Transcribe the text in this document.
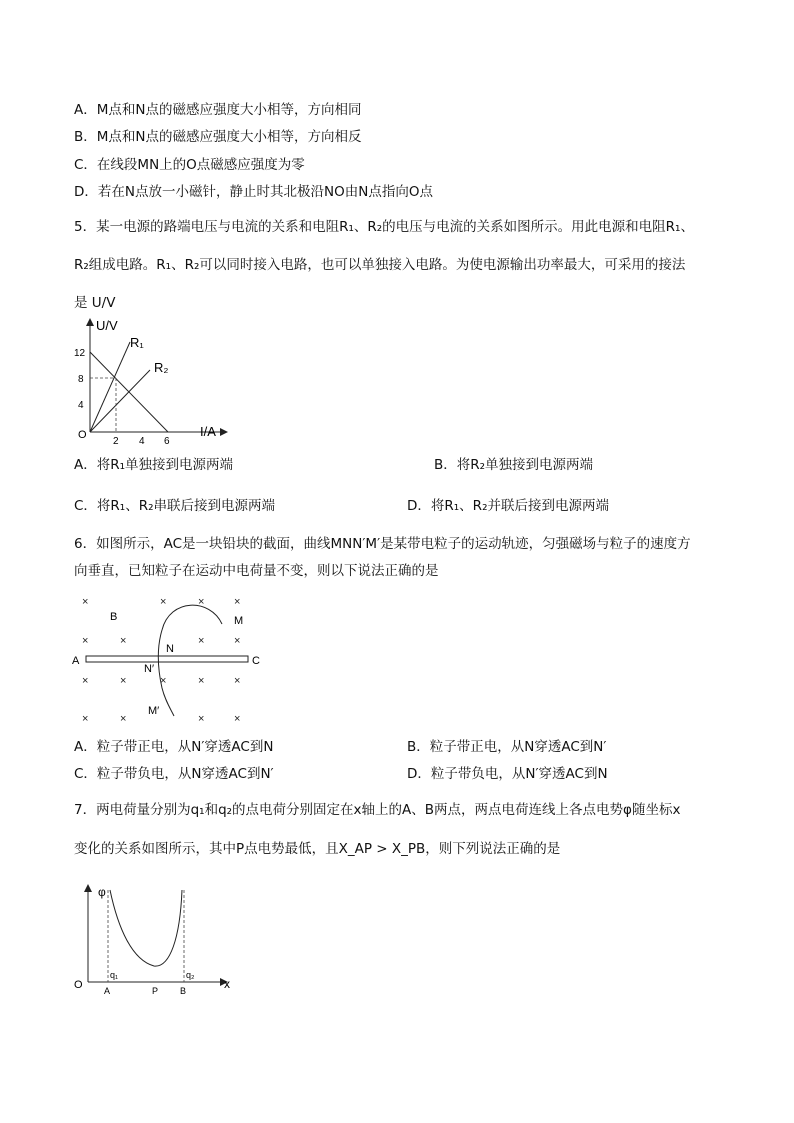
A．M点和N点的磁感应强度大小相等，方向相同
B．M点和N点的磁感应强度大小相等，方向相反
C．在线段MN上的O点磁感应强度为零
D．若在N点放一小磁针，静止时其北极沿NO由N点指向O点
5．某一电源的路端电压与电流的关系和电阻R₁、R₂的电压与电流的关系如图所示。用此电源和电阻R₁、
R₂组成电路。R₁、R₂可以同时接入电路，也可以单独接入电路。为使电源输出功率最大，可采用的接法
是 U/V
12
8
4
2 4 6
O
U/V
I/A
R₁
R₂
A．将R₁单独接到电源两端	B．将R₂单独接到电源两端
C．将R₁、R₂串联后接到电源两端	D．将R₁、R₂并联后接到电源两端
6．如图所示，AC是一块铅块的截面，曲线MNN′M′是某带电粒子的运动轨迹，匀强磁场与粒子的速度方
向垂直，已知粒子在运动中电荷量不变，则以下说法正确的是
×	×	×	×
×	×	×	×
×	×	×	×	×
×	×	×	×
B
A	C
M
N
N′
M′
A．粒子带正电，从N′穿透AC到N	B．粒子带正电，从N穿透AC到N′
C．粒子带负电，从N穿透AC到N′	D．粒子带负电，从N′穿透AC到N
7．两电荷量分别为q₁和q₂的点电荷分别固定在x轴上的A、B两点，两点电荷连线上各点电势φ随坐标x
变化的关系如图所示，其中P点电势最低，且X_AP > X_PB，则下列说法正确的是
φ
x
O
q₁	q₂
A	P B
